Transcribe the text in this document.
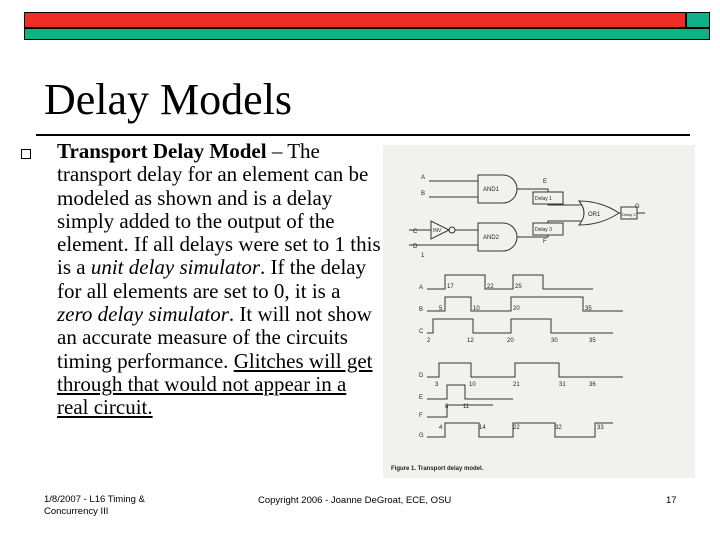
Delay Models
Transport Delay Model – The transport delay for an element can be modeled as shown and is a delay simply added to the output of the element. If all delays were set to 1 this is a unit delay simulator. If the delay for all elements are set to 0, it is a zero delay simulator. It will not show an accurate measure of the circuits timing performance. Glitches will get through that would not appear in a real circuit.
A
B
C
D
AND1
INV
AND2
OR1
Delay 1
Delay 3
Delay 2
E
F
G
1
A
B
C
D
E
F
G
17	22	25
5	10	20	35
2	12	20	30	35
3	10	21	31	36
8 11
4	14	22	32	33
Figure 1. Transport delay model.
1/8/2007 - L16 Timing &
Concurrency III
Copyright 2006 - Joanne DeGroat, ECE, OSU	17
